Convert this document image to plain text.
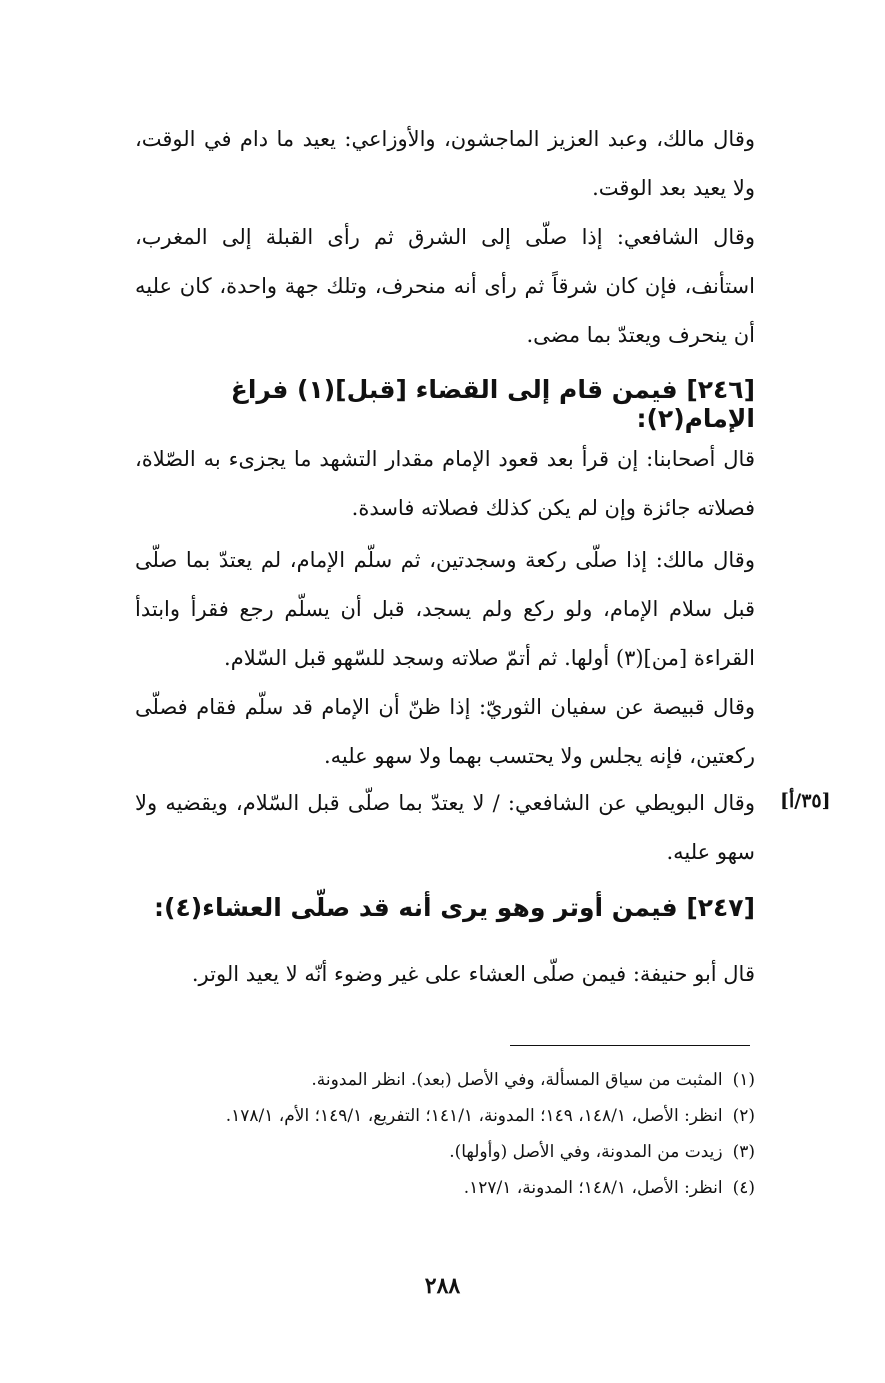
وقال مالك، وعبد العزيز الماجشون، والأوزاعي: يعيد ما دام في الوقت، ولا يعيد بعد الوقت.
وقال الشافعي: إذا صلّى إلى الشرق ثم رأى القبلة إلى المغرب، استأنف، فإن كان شرقاً ثم رأى أنه منحرف، وتلك جهة واحدة، كان عليه أن ينحرف ويعتدّ بما مضى.
[٢٤٦] فيمن قام إلى القضاء [قبل](١) فراغ الإمام(٢):
قال أصحابنا: إن قرأ بعد قعود الإمام مقدار التشهد ما يجزىء به الصّلاة، فصلاته جائزة وإن لم يكن كذلك فصلاته فاسدة.
وقال مالك: إذا صلّى ركعة وسجدتين، ثم سلّم الإمام، لم يعتدّ بما صلّى قبل سلام الإمام، ولو ركع ولم يسجد، قبل أن يسلّم رجع فقرأ وابتدأ القراءة [من](٣) أولها. ثم أتمّ صلاته وسجد للسّهو قبل السّلام.
وقال قبيصة عن سفيان الثوريّ: إذا ظنّ أن الإمام قد سلّم فقام فصلّى ركعتين، فإنه يجلس ولا يحتسب بهما ولا سهو عليه.
[٣٥/أ]
وقال البويطي عن الشافعي: / لا يعتدّ بما صلّى قبل السّلام، ويقضيه ولا سهو عليه.
[٢٤٧] فيمن أوتر وهو يرى أنه قد صلّى العشاء(٤):
قال أبو حنيفة: فيمن صلّى العشاء على غير وضوء أنّه لا يعيد الوتر.
(١)
المثبت من سياق المسألة، وفي الأصل (بعد). انظر المدونة.
(٢)
انظر: الأصل، ١٤٨/١، ١٤٩؛ المدونة، ١٤١/١؛ التفريع، ١٤٩/١؛ الأم، ١٧٨/١.
(٣)
زيدت من المدونة، وفي الأصل (وأولها).
(٤)
انظر: الأصل، ١٤٨/١؛ المدونة، ١٢٧/١.
٢٨٨
